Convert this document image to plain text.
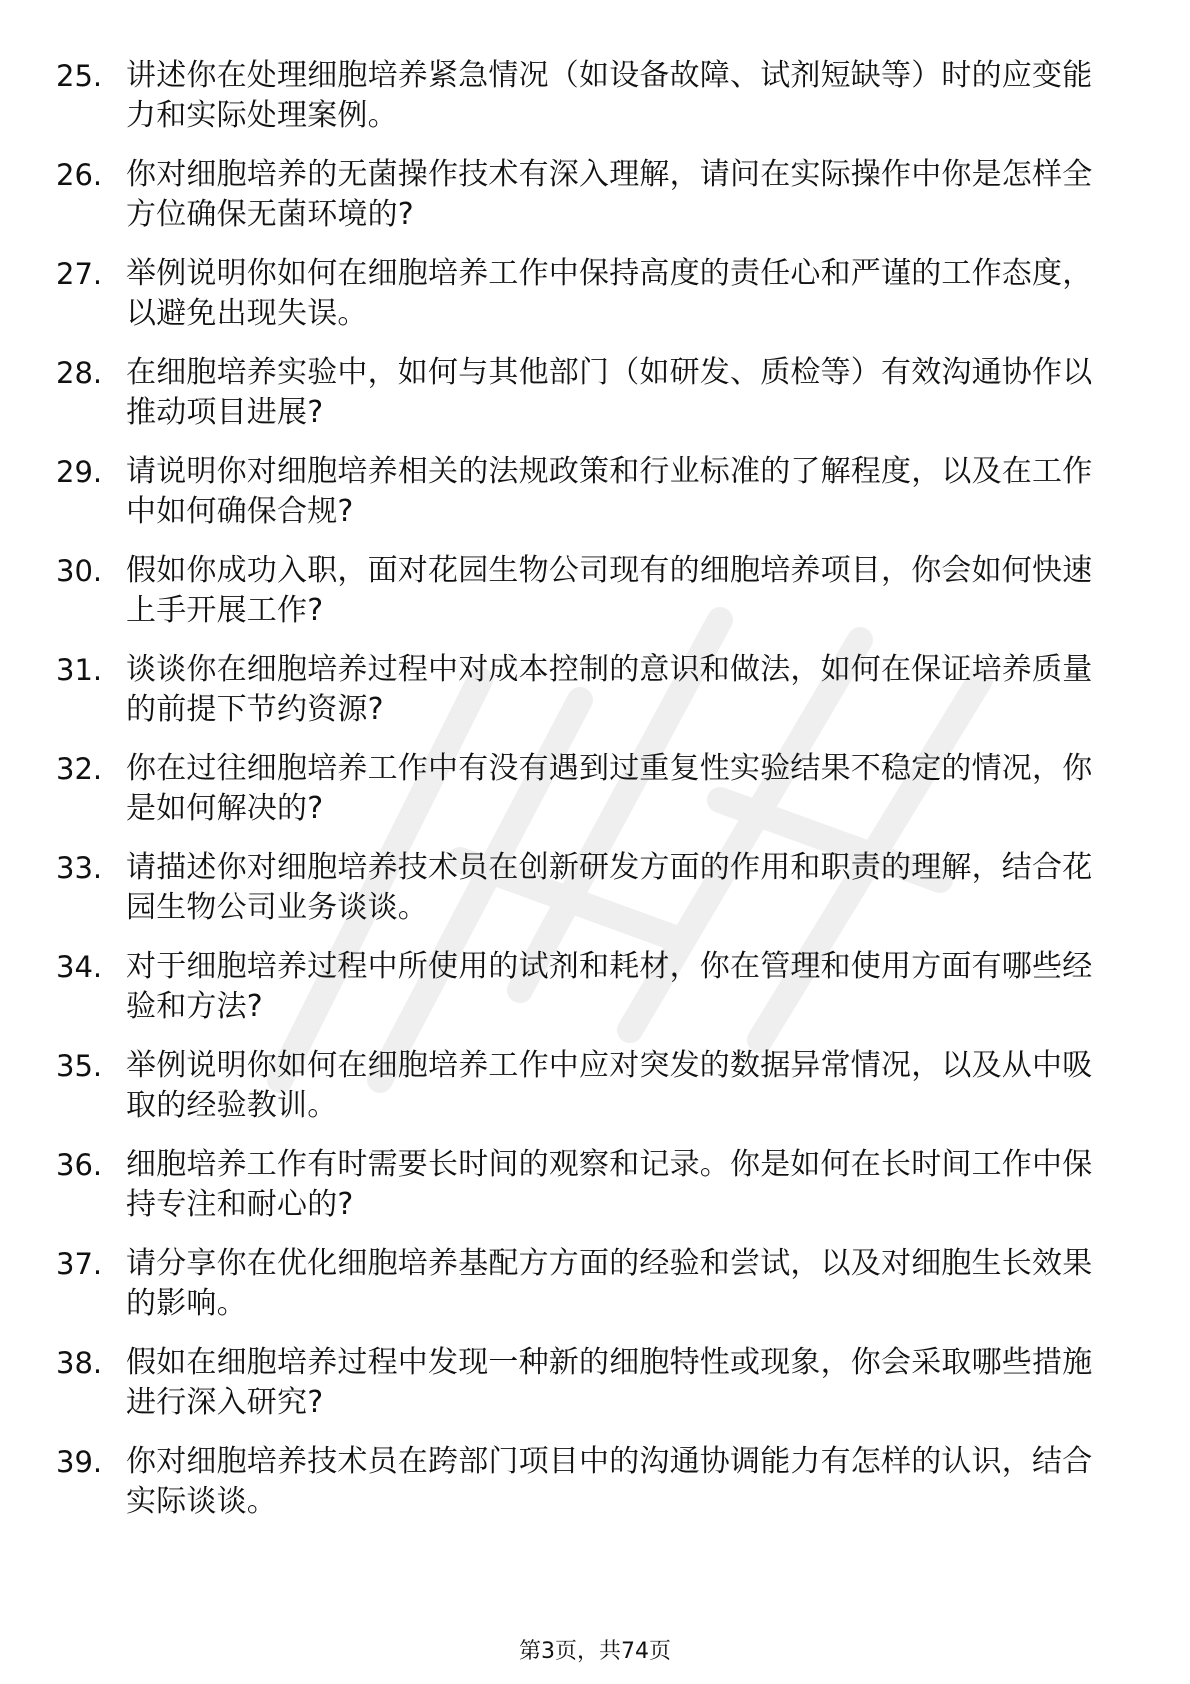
25. 讲述你在处理细胞培养紧急情况（如设备故障、试剂短缺等）时的应变能力和实际处理案例。
26. 你对细胞培养的无菌操作技术有深入理解，请问在实际操作中你是怎样全方位确保无菌环境的?
27. 举例说明你如何在细胞培养工作中保持高度的责任心和严谨的工作态度，以避免出现失误。
28. 在细胞培养实验中，如何与其他部门（如研发、质检等）有效沟通协作以推动项目进展?
29. 请说明你对细胞培养相关的法规政策和行业标准的了解程度，以及在工作中如何确保合规?
30. 假如你成功入职，面对花园生物公司现有的细胞培养项目，你会如何快速上手开展工作?
31. 谈谈你在细胞培养过程中对成本控制的意识和做法，如何在保证培养质量的前提下节约资源?
32. 你在过往细胞培养工作中有没有遇到过重复性实验结果不稳定的情况，你是如何解决的?
33. 请描述你对细胞培养技术员在创新研发方面的作用和职责的理解，结合花园生物公司业务谈谈。
34. 对于细胞培养过程中所使用的试剂和耗材，你在管理和使用方面有哪些经验和方法?
35. 举例说明你如何在细胞培养工作中应对突发的数据异常情况，以及从中吸取的经验教训。
36. 细胞培养工作有时需要长时间的观察和记录。你是如何在长时间工作中保持专注和耐心的?
37. 请分享你在优化细胞培养基配方方面的经验和尝试，以及对细胞生长效果的影响。
38. 假如在细胞培养过程中发现一种新的细胞特性或现象，你会采取哪些措施进行深入研究?
39. 你对细胞培养技术员在跨部门项目中的沟通协调能力有怎样的认识，结合实际谈谈。
第3页，共74页
